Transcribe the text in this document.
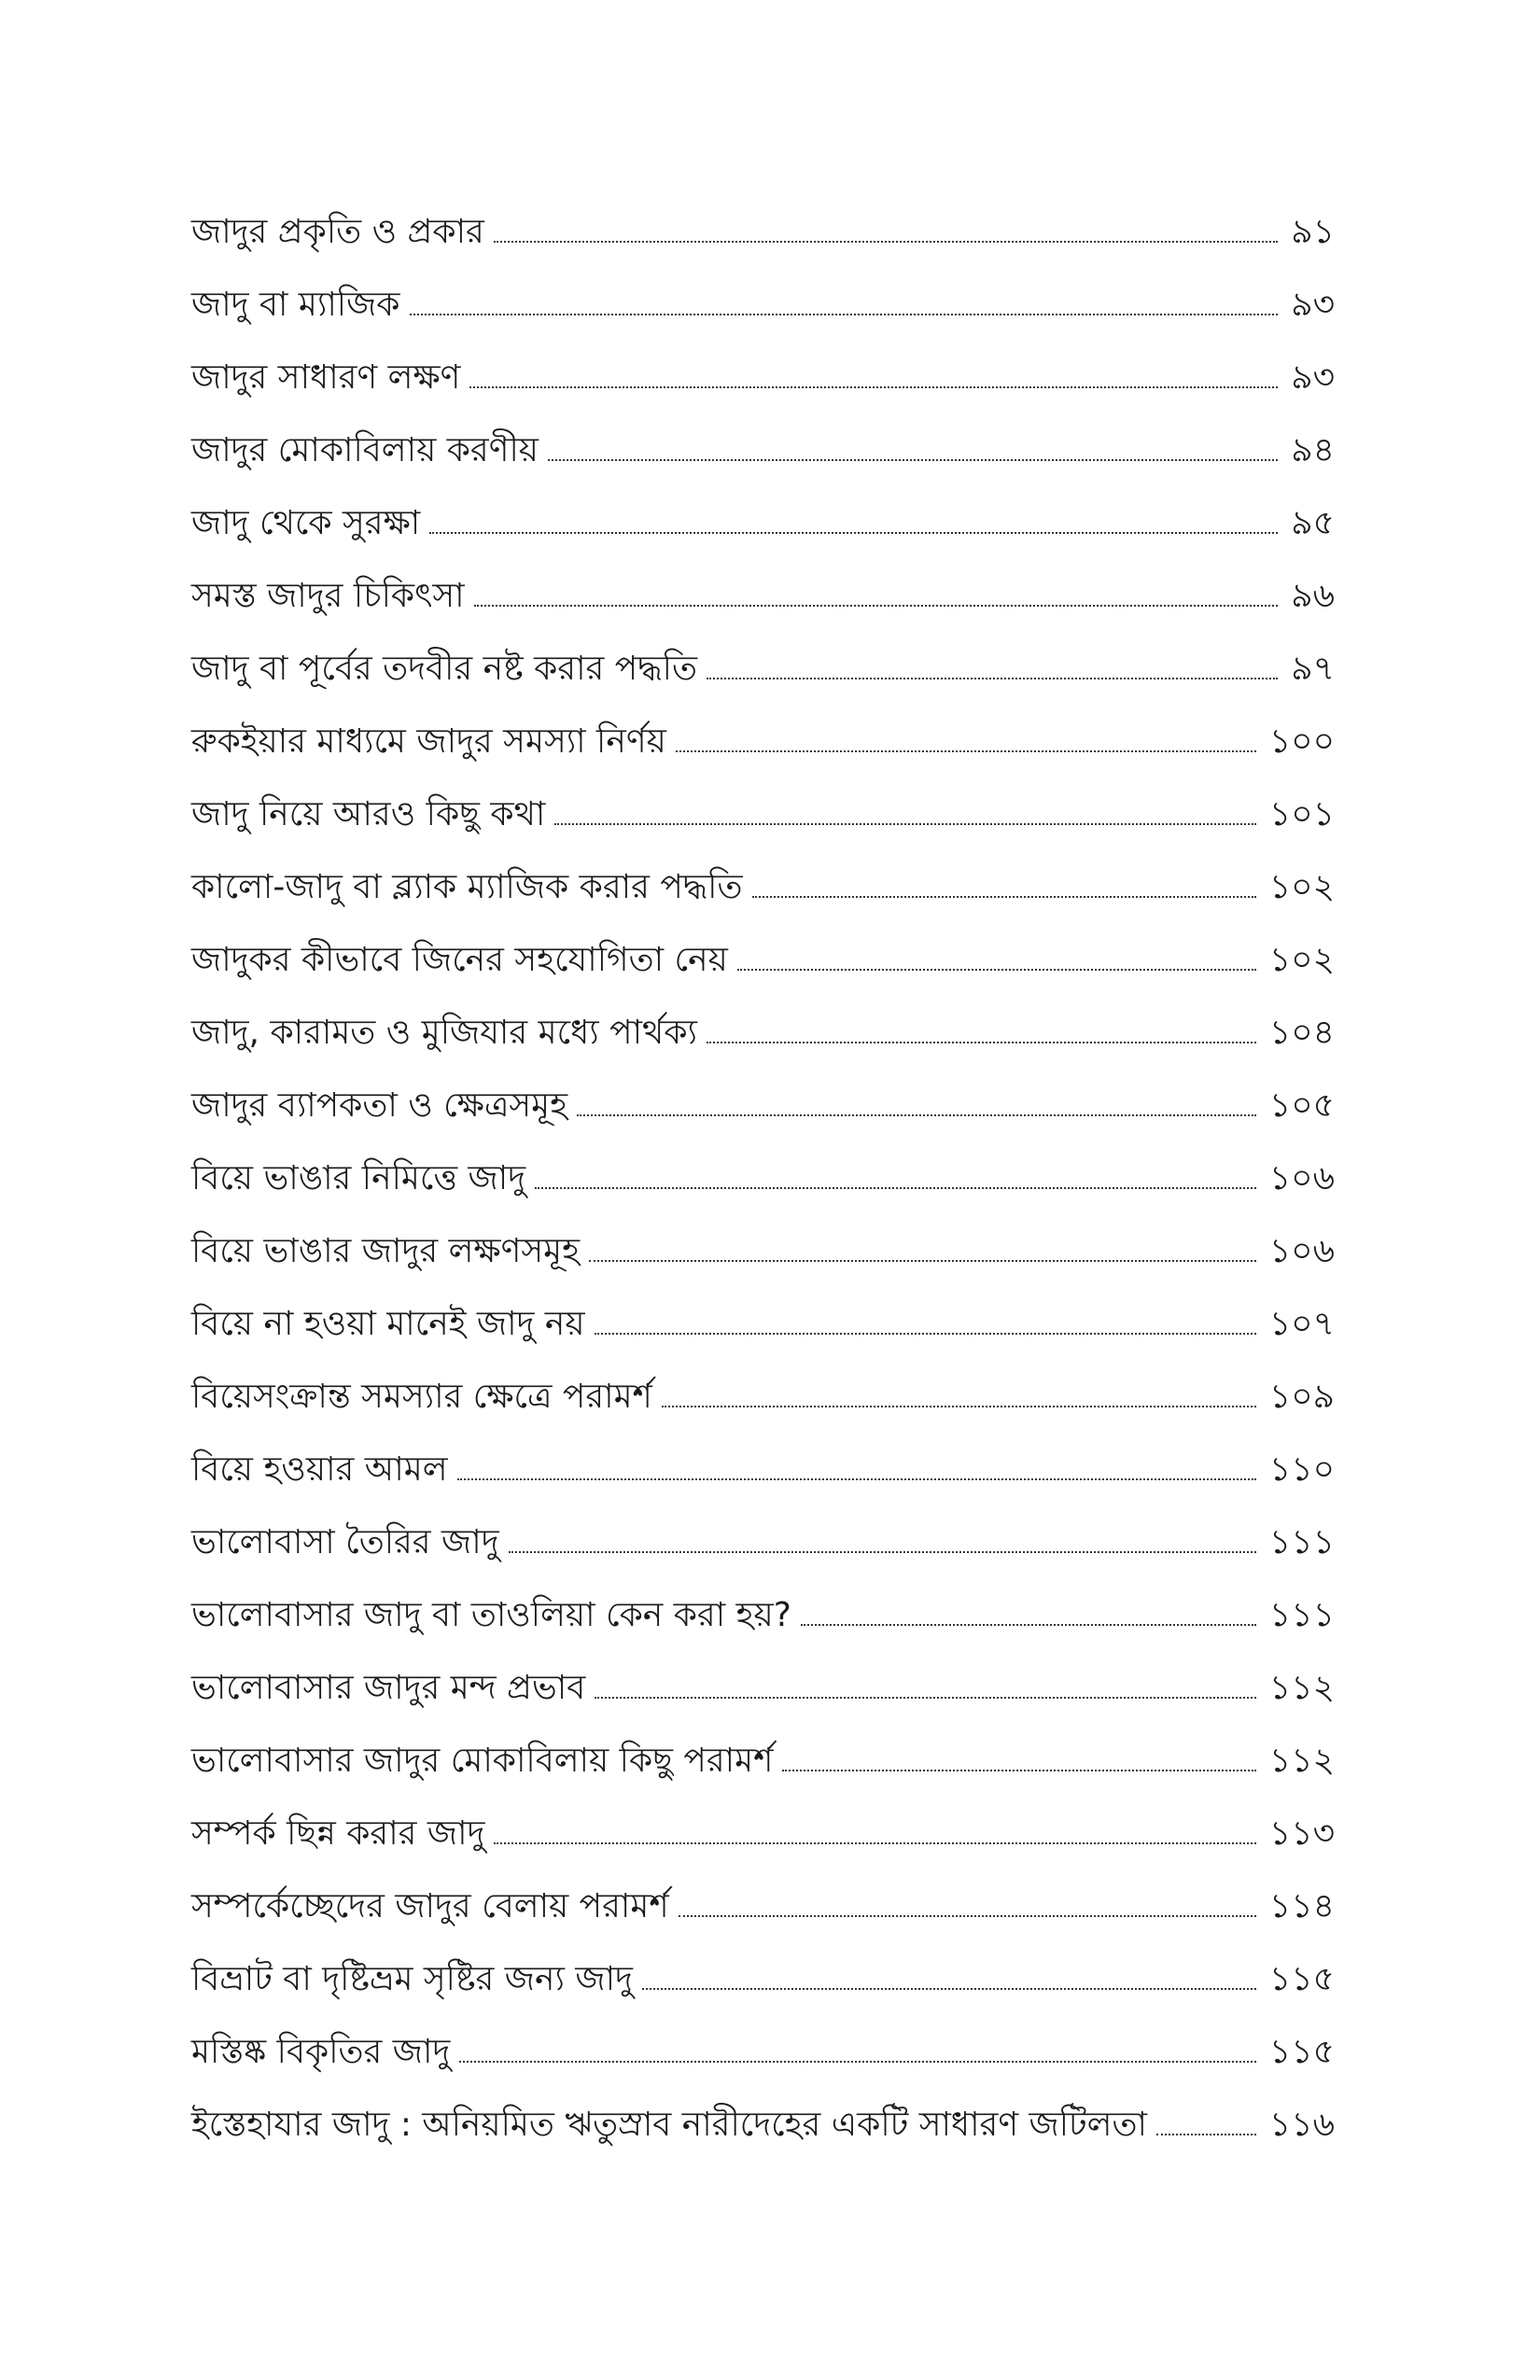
জাদুর প্রকৃতি ও প্রকার	৯১
জাদু বা ম্যাজিক	৯৩
জাদুর সাধারণ লক্ষণ	৯৩
জাদুর মোকাবিলায় করণীয়	৯৪
জাদু থেকে সুরক্ষা	৯৫
সমস্ত জাদুর চিকিৎসা	৯৬
জাদু বা পূর্বের তদবীর নষ্ট করার পদ্ধতি	৯৭
রুকইয়ার মাধ্যমে জাদুর সমস্যা নির্ণয়	১০০
জাদু নিয়ে আরও কিছু কথা	১০১
কালো-জাদু বা ব্ল্যাক ম্যাজিক করার পদ্ধতি	১০২
জাদুকর কীভাবে জিনের সহযোগিতা নেয়	১০২
জাদু, কারামত ও মুজিযার মধ্যে পার্থক্য	১০৪
জাদুর ব্যাপকতা ও ক্ষেত্রসমূহ	১০৫
বিয়ে ভাঙার নিমিত্তে জাদু	১০৬
বিয়ে ভাঙার জাদুর লক্ষণসমূহ	১০৬
বিয়ে না হওয়া মানেই জাদু নয়	১০৭
বিয়েসংক্রান্ত সমস্যার ক্ষেত্রে পরামর্শ	১০৯
বিয়ে হওয়ার আমল	১১০
ভালোবাসা তৈরির জাদু	১১১
ভালোবাসার জাদু বা তাওলিয়া কেন করা হয়?	১১১
ভালোবাসার জাদুর মন্দ প্রভাব	১১২
ভালোবাসার জাদুর মোকাবিলায় কিছু পরামর্শ	১১২
সম্পর্ক ছিন্ন করার জাদু	১১৩
সম্পর্কেচ্ছেদের জাদুর বেলায় পরামর্শ	১১৪
বিভ্রাট বা দৃষ্টিভ্রম সৃষ্টির জন্য জাদু	১১৫
মস্তিষ্ক বিকৃতির জাদু	১১৫
ইস্তেহাযার জাদু : অনিয়মিত ঋতুস্রাব নারীদেহের একটি সাধারণ জটিলতা	১১৬
